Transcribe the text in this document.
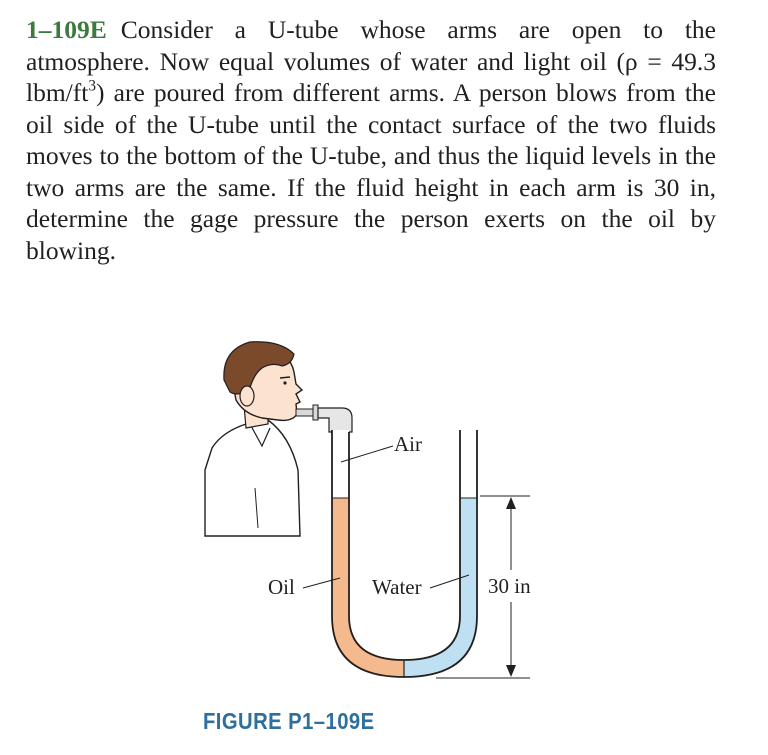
1–109E Consider a U-tube whose arms are open to the atmosphere. Now equal volumes of water and light oil (ρ = 49.3 lbm/$ft^3$) are poured from different arms. A person blows from the oil side of the U-tube until the contact surface of the two fluids moves to the bottom of the U-tube, and thus the liquid levels in the two arms are the same. If the fluid height in each arm is 30 in, determine the gage pressure the person exerts on the oil by blowing.
Air
Oil	Water	30 in
FIGURE P1–109E
